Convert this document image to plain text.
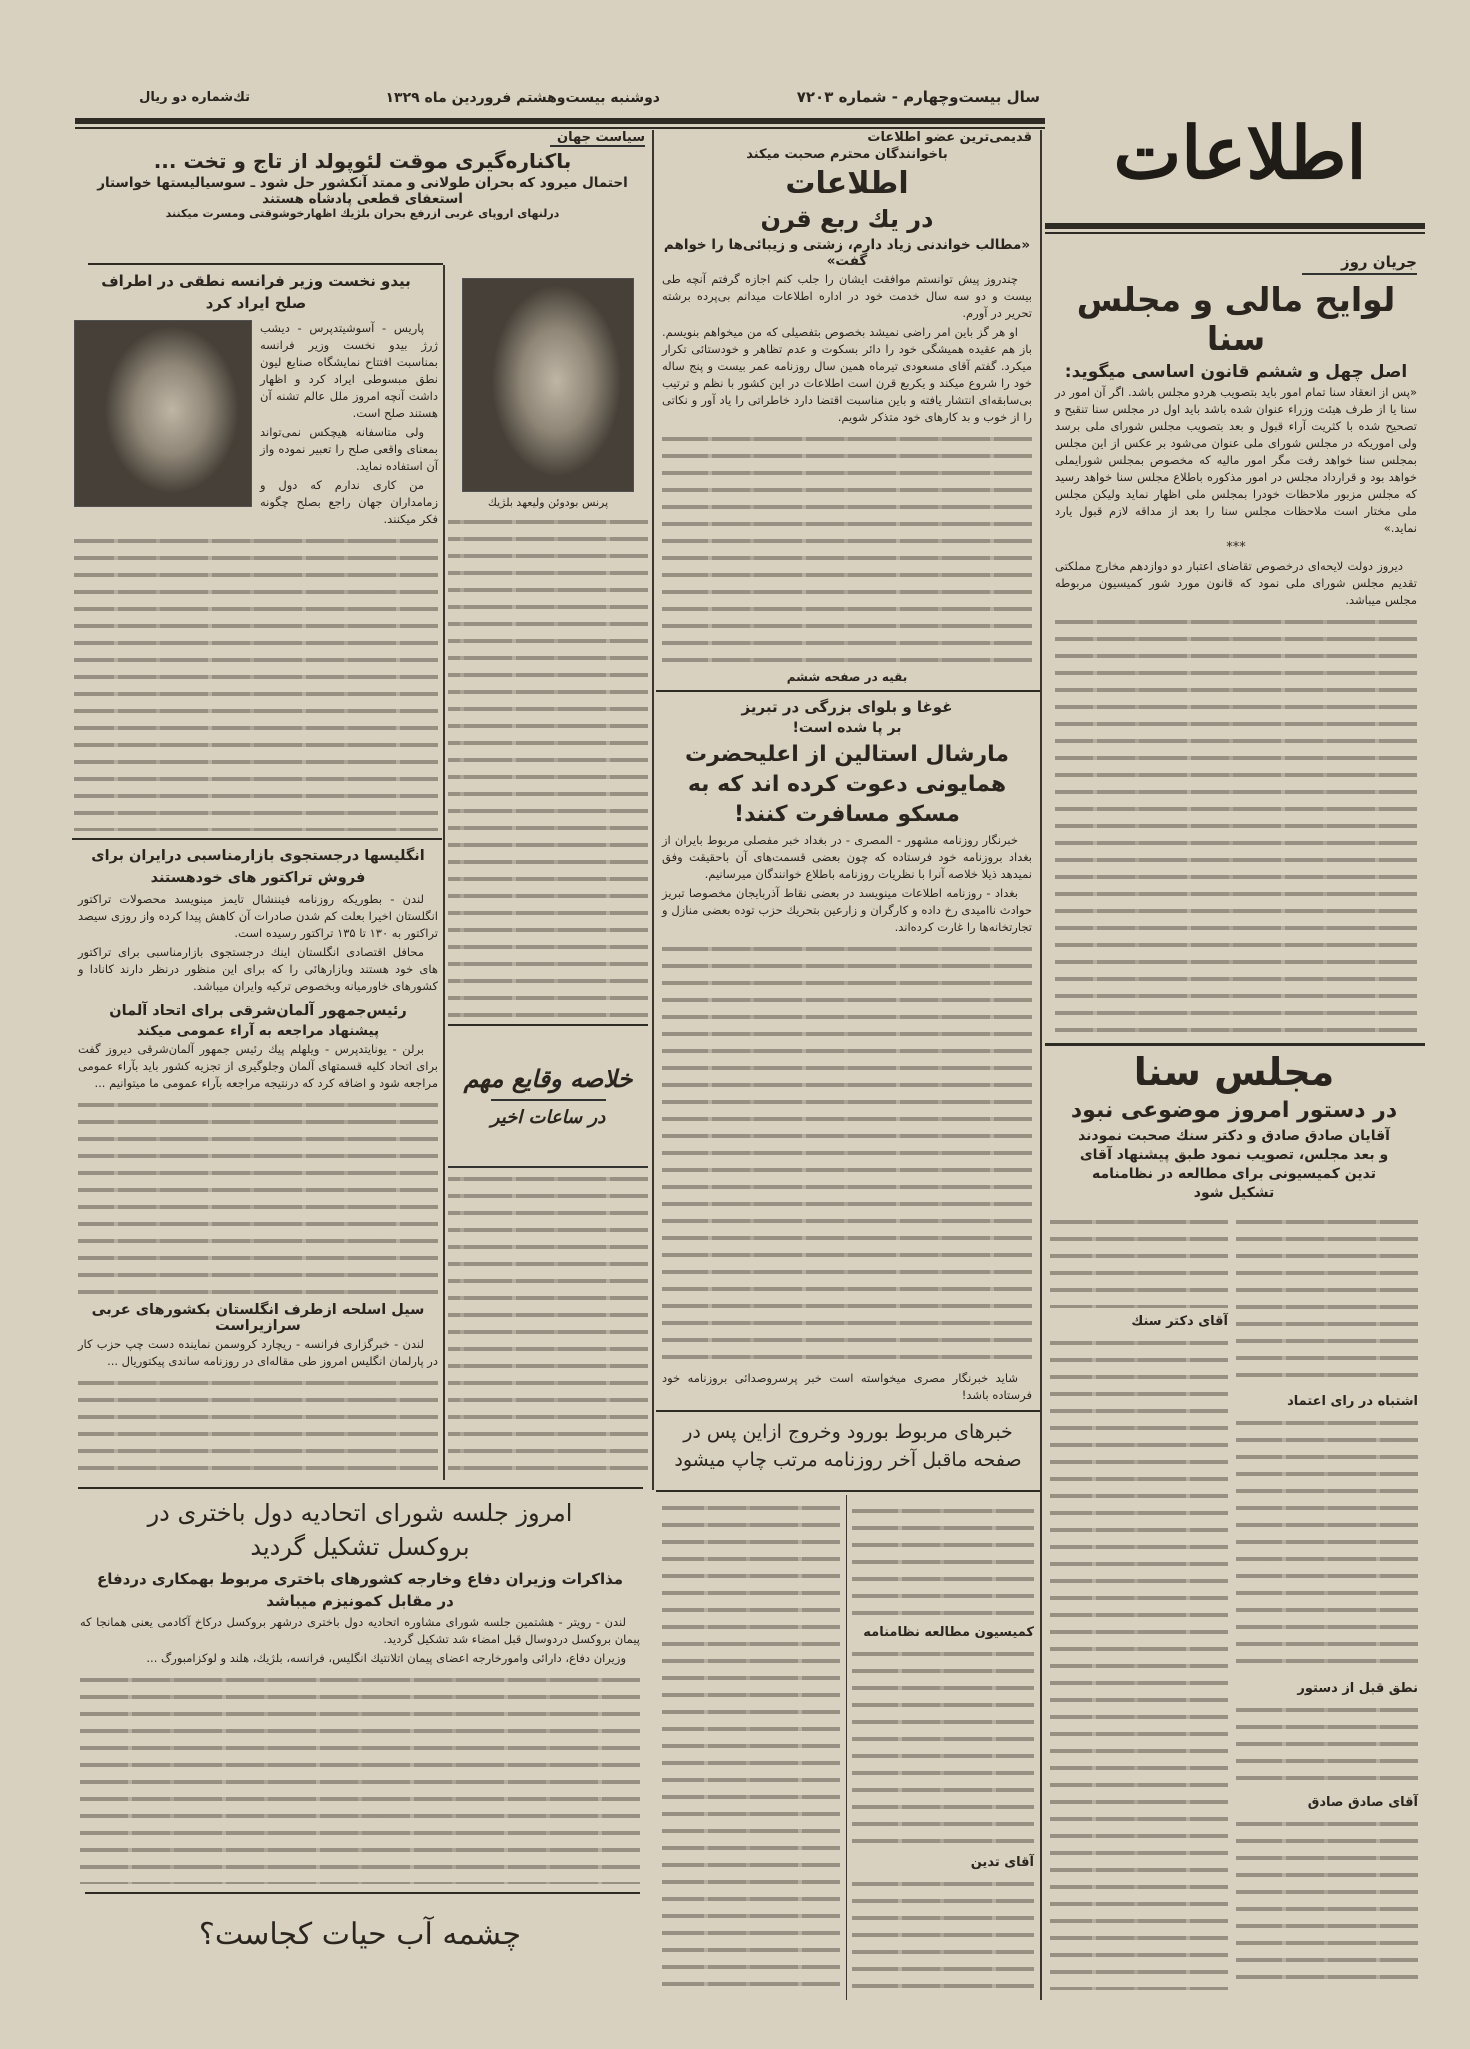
سال بیست‌وچهارم - شماره ۷۲۰۳
دوشنبه بیست‌وهشتم فروردین ماه ۱۳۲۹
تك‌شماره دو ریال
اطلاعات
جریان روز
لوایح مالی و مجلس سنا
اصل چهل و ششم قانون اساسی میگوید:
«پس از انعقاد سنا تمام امور باید بتصویب هردو مجلس باشد. اگر آن امور در سنا یا از طرف هیئت وزراء عنوان شده باشد باید اول در مجلس سنا تنقیح و تصحیح شده با کثریت آراء قبول و بعد بتصویب مجلس شورای ملی برسد ولی اموریکه در مجلس شورای ملی عنوان می‌شود بر عکس از این مجلس بمجلس سنا خواهد رفت مگر امور مالیه که مخصوص بمجلس شورایملی خواهد بود و قرارداد مجلس در امور مذکوره باطلاع مجلس سنا خواهد رسید که مجلس مزبور ملاحظات خودرا بمجلس ملی اظهار نماید ولیکن مجلس ملی مختار است ملاحظات مجلس سنا را بعد از مداقه لازم قبول یارد نماید.»
***

دیروز دولت لایحه‌ای درخصوص تقاضای اعتبار دو دوازدهم مخارج مملکتی تقدیم مجلس شورای ملی نمود که قانون مورد شور کمیسیون مربوطه مجلس میباشد.

مجلس سنا
در دستور امروز موضوعی نبود
آقایان صادق صادق و دکتر سنك صحبت نمودند و بعد مجلس، تصویب نمود طبق پیشنهاد آقای تدین کمیسیونی برای مطالعه در نظامنامه تشکیل شود
اشتباه در رای اعتماد
نطق قبل از دستور
آقای صادق صادق
آقای دکتر سنك
قدیمی‌ترین عضو اطلاعات
باخوانندگان محترم صحبت میکند
اطلاعات
در یك ربع قرن
«مطالب خواندنی زیاد دارم، زشتی و زیبائی‌ها را خواهم گفت»

چندروز پیش توانستم موافقت ایشان را جلب کنم اجازه گرفتم آنچه طی بیست و دو سه سال خدمت خود در اداره اطلاعات میدانم بی‌پرده برشته تحریر در آورم.

او هر گز باین امر راضی نمیشد بخصوص بتفصیلی که من میخواهم بنویسم. باز هم عقیده همیشگی خود را دائر بسکوت و عدم تظاهر و خودستائی تکرار میکرد. گفتم آقای مسعودی تیرماه همین سال روزنامه عمر بیست و پنج ساله خود را شروع میکند و یکربع قرن است اطلاعات در این کشور با نظم و ترتیب بی‌سابقه‌ای انتشار یافته و باین مناسبت اقتضا دارد خاطراتی را یاد آور و نکاتی را از خوب و بد کارهای خود متذکر شویم.

بقیه در صفحه ششم
غوغا و بلوای بزرگی در تبریز
بر پا شده است!
مارشال استالین از اعلیحضرت همایونی دعوت کرده اند که به مسکو مسافرت کنند!

خبرنگار روزنامه مشهور - المصری - در بغداد خبر مفصلی مربوط بایران از بغداد بروزنامه خود فرستاده که چون بعضی قسمت‌های آن باحقیقت وفق نمیدهد ذیلا خلاصه آنرا با نظریات روزنامه باطلاع خوانندگان میرسانیم.

بغداد - روزنامه اطلاعات مینویسد در بعضی نقاط آذربایجان مخصوصا تبریز حوادث ناامیدی رخ داده و کارگران و زارعین بتحریك حزب توده بعضی منازل و تجارتخانه‌ها را غارت کرده‌اند.

شاید خبرنگار مصری میخواسته است خبر پرسروصدائی بروزنامه خود فرستاده باشد!

خبرهای مربوط بورود وخروج ازاین پس در صفحه ماقبل آخر روزنامه مرتب چاپ میشود
کمیسیون مطالعه نظامنامه
آقای تدین
سیاست جهان
باکناره‌گیری موقت لئوپولد از تاج و تخت ...
احتمال میرود که بحران طولانی و ممتد آنکشور حل شود ـ سوسیالیستها خواستار
استعفای قطعی پادشاه هستند
درلنهای اروپای غربی ازرفع بحران بلژیك اظهارخوشوقتی ومسرت میکنند
بیدو نخست وزیر فرانسه نطقی در اطراف صلح ایراد کرد

پاریس - آسوشیتدپرس - دیشب ژرژ بیدو نخست وزیر فرانسه بمناسبت افتتاح نمایشگاه صنایع لیون نطق مبسوطی ایراد کرد و اظهار داشت آنچه امروز ملل عالم تشنه آن هستند صلح است.

ولی متاسفانه هیچکس نمی‌تواند بمعنای واقعی صلح را تعبیر نموده واز آن استفاده نماید.

من کاری ندارم که دول و زمامداران جهان راجع بصلح چگونه فکر میکنند.

انگلیسها درجستجوی بازارمناسبی درایران برای فروش تراکتور های خودهستند

لندن - بطوریکه روزنامه فیننشال تایمز مینویسد محصولات تراکتور انگلستان اخیرا بعلت کم شدن صادرات آن کاهش پیدا کرده واز روزی سیصد تراکتور به ۱۳۰ تا ۱۳۵ تراکتور رسیده است.

محافل اقتصادی انگلستان اینك درجستجوی بازارمناسبی برای تراکتور های خود هستند وبازارهائی را که برای این منظور درنظر دارند کانادا و کشورهای خاورمیانه وبخصوص ترکیه وایران میباشد.

رئیس‌جمهور آلمان‌شرقی برای اتحاد آلمان
پیشنهاد مراجعه به آراء عمومی میکند

برلن - یونایتدپرس - ویلهلم پیك رئیس جمهور آلمان‌شرقی دیروز گفت برای اتحاد کلیه قسمتهای آلمان وجلوگیری از تجزیه کشور باید بآراء عمومی مراجعه شود و اضافه کرد که درنتیجه مراجعه بآراء عمومی ما میتوانیم ...

سیل اسلحه ازطرف انگلستان بکشورهای عربی سرازیراست

لندن - خبرگزاری فرانسه - ریچارد کروسمن نماینده دست چپ حزب کار در پارلمان انگلیس امروز طی مقاله‌ای در روزنامه ساندی پیکتوریال ...

پرنس بودوئن ولیعهد بلژیك
خلاصه وقایع مهم
در ساعات اخیر
امروز جلسه شورای اتحادیه دول باختری در بروکسل تشکیل گردید
مذاکرات وزیران دفاع وخارجه کشورهای باختری مربوط بهمکاری دردفاع در مقابل کمونیزم میباشد

لندن - رویتر - هشتمین جلسه شورای مشاوره اتحادیه دول باختری درشهر بروکسل درکاخ آکادمی یعنی همانجا که پیمان بروکسل دردوسال قبل امضاء شد تشکیل گردید.

وزیران دفاع، دارائی وامورخارجه اعضای پیمان اتلانتیك انگلیس، فرانسه، بلژیك، هلند و لوکزامبورگ ...

چشمه آب حیات کجاست؟
